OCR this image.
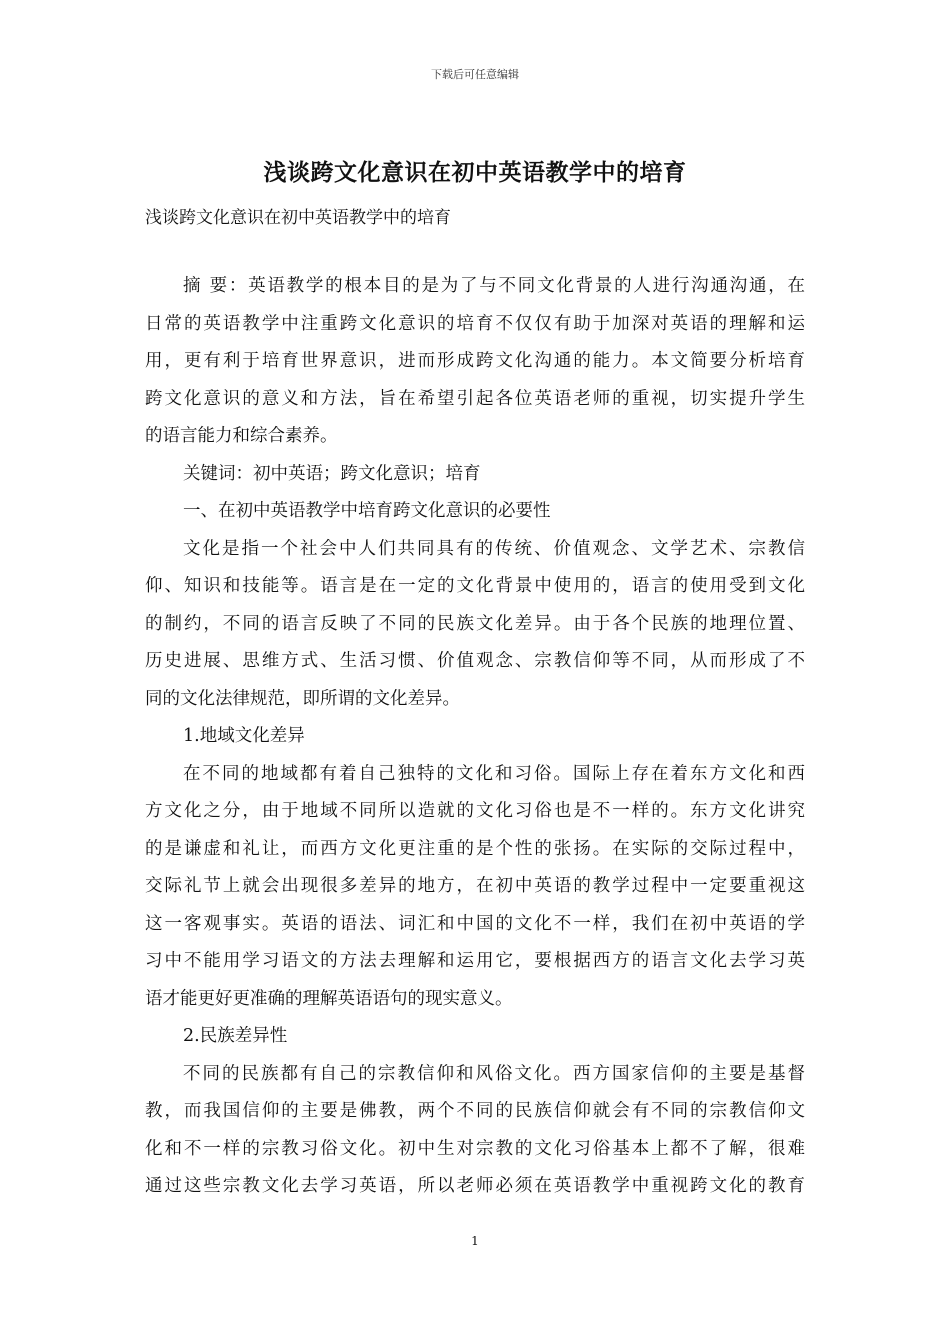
下载后可任意编辑
浅谈跨文化意识在初中英语教学中的培育
浅谈跨文化意识在初中英语教学中的培育
摘 要：英语教学的根本目的是为了与不同文化背景的人进行沟通沟通，在
日常的英语教学中注重跨文化意识的培育不仅仅有助于加深对英语的理解和运
用，更有利于培育世界意识，进而形成跨文化沟通的能力。本文简要分析培育
跨文化意识的意义和方法，旨在希望引起各位英语老师的重视，切实提升学生
的语言能力和综合素养。
关键词：初中英语；跨文化意识；培育
一、在初中英语教学中培育跨文化意识的必要性
文化是指一个社会中人们共同具有的传统、价值观念、文学艺术、宗教信
仰、知识和技能等。语言是在一定的文化背景中使用的，语言的使用受到文化
的制约，不同的语言反映了不同的民族文化差异。由于各个民族的地理位置、
历史进展、思维方式、生活习惯、价值观念、宗教信仰等不同，从而形成了不
同的文化法律规范，即所谓的文化差异。
1.地域文化差异
在不同的地域都有着自己独特的文化和习俗。国际上存在着东方文化和西
方文化之分，由于地域不同所以造就的文化习俗也是不一样的。东方文化讲究
的是谦虚和礼让，而西方文化更注重的是个性的张扬。在实际的交际过程中，
交际礼节上就会出现很多差异的地方，在初中英语的教学过程中一定要重视这
这一客观事实。英语的语法、词汇和中国的文化不一样，我们在初中英语的学
习中不能用学习语文的方法去理解和运用它，要根据西方的语言文化去学习英
语才能更好更准确的理解英语语句的现实意义。
2.民族差异性
不同的民族都有自己的宗教信仰和风俗文化。西方国家信仰的主要是基督
教，而我国信仰的主要是佛教，两个不同的民族信仰就会有不同的宗教信仰文
化和不一样的宗教习俗文化。初中生对宗教的文化习俗基本上都不了解，很难
通过这些宗教文化去学习英语，所以老师必须在英语教学中重视跨文化的教育
1
